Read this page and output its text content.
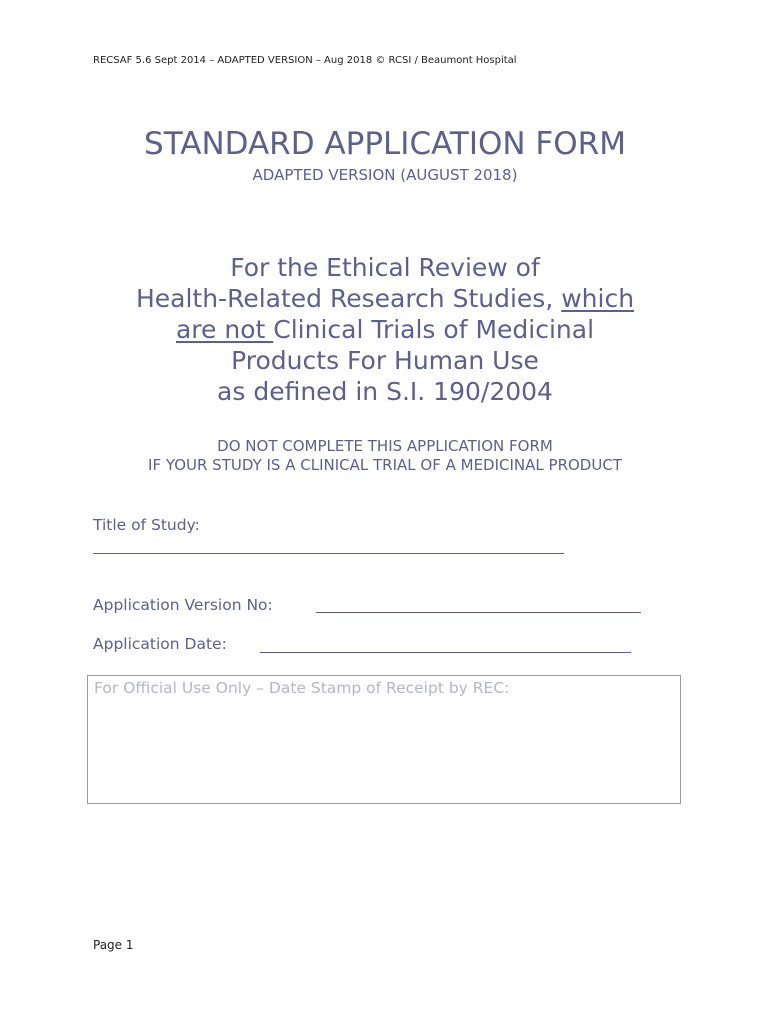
RECSAF 5.6 Sept 2014 – ADAPTED VERSION – Aug 2018 © RCSI / Beaumont Hospital
STANDARD APPLICATION FORM
ADAPTED VERSION (AUGUST 2018)
For the Ethical Review of
Health-Related Research Studies, which
are not Clinical Trials of Medicinal
Products For Human Use
as defined in S.I. 190/2004
DO NOT COMPLETE THIS APPLICATION FORM
IF YOUR STUDY IS A CLINICAL TRIAL OF A MEDICINAL PRODUCT
Title of Study:
Application Version No:
Application Date:
For Official Use Only – Date Stamp of Receipt by REC:
Page 1
